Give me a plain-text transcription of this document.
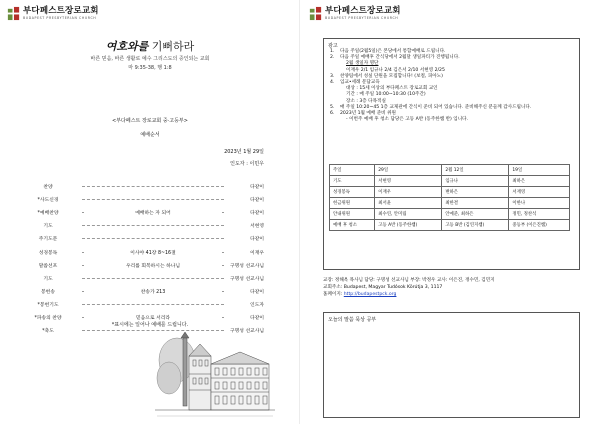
부다페스트장로교회
BUDAPEST PRESBYTERIAN CHURCH
여호와를 기뻐하라
바른 믿음, 바른 생활로 예수 그리스도의 증인되는 교회
마 9:35-38, 행 1:8
<부다페스트 장로교회 중·고등부>
예배순서
2023년 1월 29일
인도자 : 이민우
찬양	다같이
*사도신경	다같이
*예배찬양	예배하는 자 되어	다같이
기도	서현영
주기도문	다같이
성경봉독	이사야 41장 8~16절	이재우
말씀선포	우리를 회복하시는 하나님	구명성 선교사님
기도	구명성 선교사님
봉헌송	찬송가 213	다같이
*봉헌기도	인도자
*파송의 찬양	믿음으로 서리라	다같이
*축도	구명성 선교사님
*표시에는 일어나 예배를 드립니다.
부다페스트장로교회
BUDAPEST PRESBYTERIAN CHURCH
광고
1. 다음 주일(2월5일)은 본당에서 통합예배로 드립니다.
2. 다음 주일 예배후 간식당에서 2월달 생일파티가 진행됩니다.
2월 생일자 명단
이재우 2/1 임규나 2/4 김은서 2/10 서현영 2/25
3. 찬양팀에서 성실 단원을 모집합니다! (보컬, 피아노)
4. 입교•세례 문답교육
대상 : 15세 이상의 부다페스트 장로교회 교인
기간 : 매 주일 10:00~10:30 (10주간)
장소 : 3층 다목적실
5. 매 주일 10:20~45 1층 교제관에 간식이 준비 되어 있습니다. 준비해주신 분들께 감사드립니다.
6. 2023년 1월 예배 준비 위원
- 이번주 예배 후 청소 담당은 고등 A반 (동주한쌤 반) 입니다.
주일	29일	2월 12일	19일
기도	서현영	임규나	최하은
성경봉독	이재우	변하은	서재영
헌금위원	최서윤	최한결	이한나
안내위원	최수연, 안미림	안예준, 최하은	정민, 정찬석
예배 후 청소	고등 A반 (동주한쌤)	고등 B반 (김연지쌤)	중등부 (이은진쌤)
교장: 정해옥 목사님 담당: 구명성 선교사님 부장: 박정우 교사: 이은진, 정수민, 김민지
교회주소: Budapest, Magyar Tudósok Körútja 3, 1117
홈페이지: http://budapestpck.org
오늘의 말씀 묵상 공부
